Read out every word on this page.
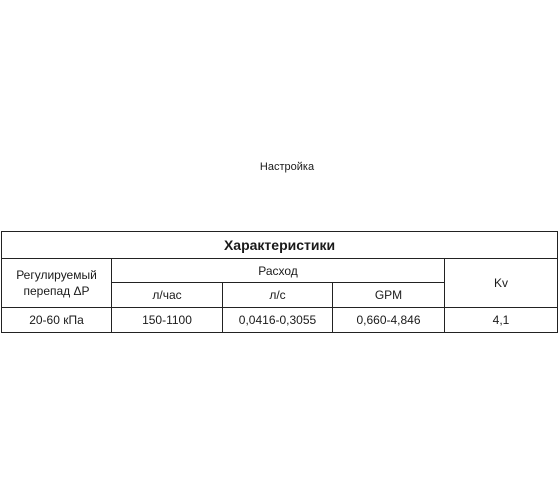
Настройка
Характеристики				
Регулируемый перепад ΔP	Расход			Kv
	л/час	л/с	GPM	
20-60 кПа	150-1100	0,0416-0,3055	0,660-4,846	4,1
